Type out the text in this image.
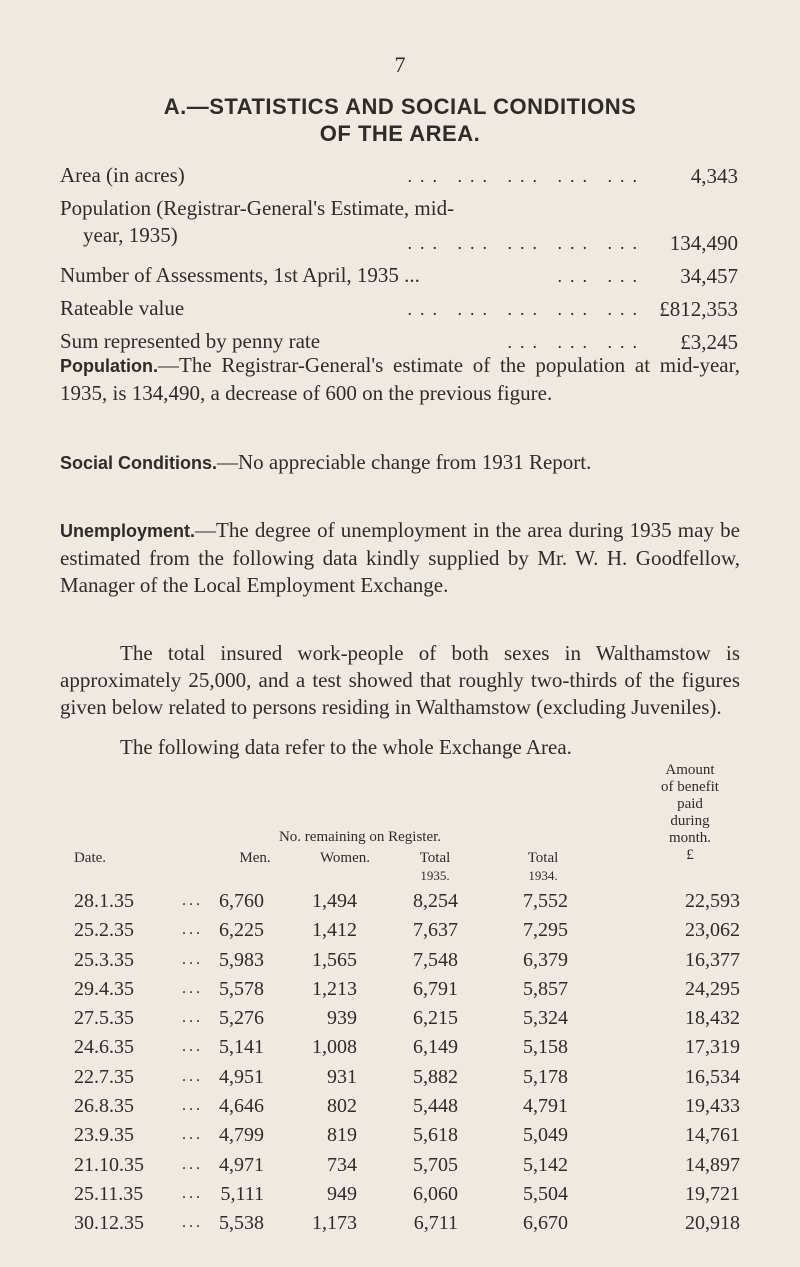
7
A.—STATISTICS AND SOCIAL CONDITIONS
OF THE AREA.
Area (in acres)	... ... ... ... ... 4,343
Population (Registrar-General's Estimate, mid-
year, 1935)	... ... ... ... ... 134,490
Number of Assessments, 1st April, 1935 ...	... ... 34,457
Rateable value	... ... ... ... ... £812,353
Sum represented by penny rate	... ... ... £3,245
Population.—The Registrar-General's estimate of the population at mid-year, 1935, is 134,490, a decrease of 600 on the previous figure.
Social Conditions.—No appreciable change from 1931 Report.
Unemployment.—The degree of unemployment in the area during 1935 may be estimated from the following data kindly supplied by Mr. W. H. Goodfellow, Manager of the Local Employment Exchange.
The total insured work-people of both sexes in Walthamstow is approximately 25,000, and a test showed that roughly two-thirds of the figures given below related to persons residing in Walthamstow (excluding Juveniles).
The following data refer to the whole Exchange Area.
Date.
No. remaining on Register.
Men.	Women.	Total
1935.
Total
1934.
Amount
of benefit
paid
during
month.
£
28.1.35	... 6,760 1,494	8,254	7,552	22,593
25.2.35	... 6,225 1,412	7,637	7,295	23,062
25.3.35	... 5,983 1,565	7,548	6,379	16,377
29.4.35	... 5,578 1,213	6,791	5,857	24,295
27.5.35	... 5,276	939	6,215	5,324	18,432
24.6.35	... 5,141 1,008	6,149	5,158	17,319
22.7.35	... 4,951	931	5,882	5,178	16,534
26.8.35	... 4,646	802	5,448	4,791	19,433
23.9.35	... 4,799	819	5,618	5,049	14,761
21.10.35 ... 4,971	734	5,705	5,142	14,897
25.11.35 ... 5,111	949	6,060	5,504	19,721
30.12.35 ... 5,538 1,173	6,711	6,670	20,918
